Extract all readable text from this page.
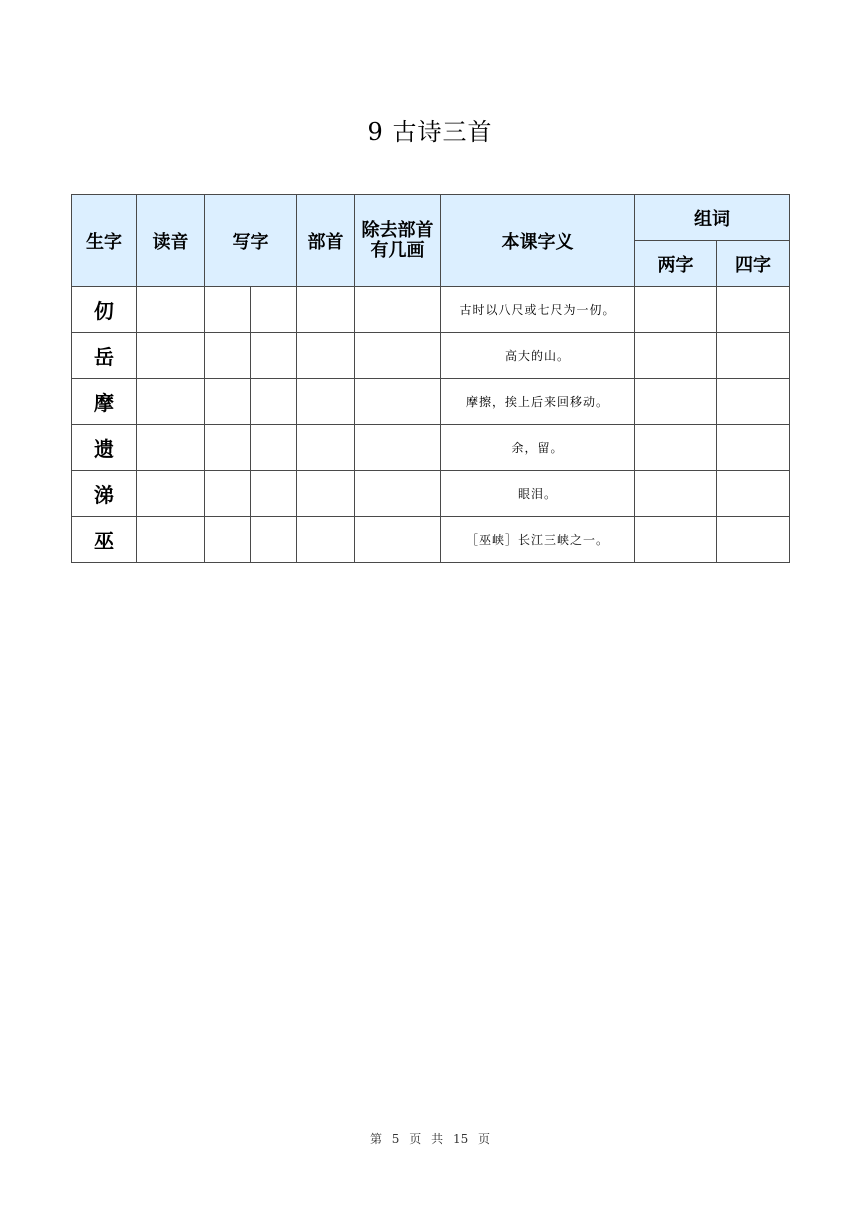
9 古诗三首
生字	读音	写字		部首	除去部首有几画	本课字义	组词	
							两字	四字
仞						古时以八尺或七尺为一仞。		
岳						高大的山。		
摩						摩擦，挨上后来回移动。		
遗						余，留。		
涕						眼泪。		
巫						［巫峡］长江三峡之一。		
第 5 页 共 15 页
